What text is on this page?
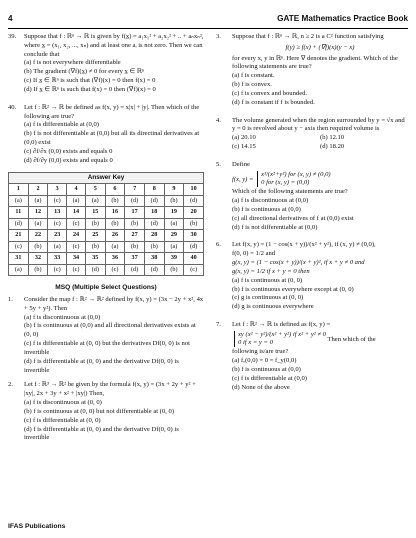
4	GATE Mathematics Practice Book
39. Suppose that f : ℝⁿ → ℝ is given by f(x̲) = a₁x₁² + a₂x₂² + .. + aₙxₙ², where x̲ = (x₁, x₂, ..., xₙ) and at least one aᵢ is not zero. Then we can conclude that
(a) f is not everywhere differentiable
(b) The gradient (∇f)(x̲) ≠ 0 for every x̲ ∈ ℝⁿ
(c) If x̲ ∈ ℝⁿ is such that (∇f)(x) = 0 then f(x) = 0
(d) If x̲ ∈ ℝⁿ is such that f(x) = 0 then (∇f)(x) = 0
40. Let f : ℝ² → ℝ be defined as f(x, y) = x|x| + |y|. Then which of the following are true?
(a) f is differentiable at (0,0)
(b) f is not differentiable at (0,0) but all its directinal derivatives at (0,0) exist
(c) ∂f/∂x (0,0) exists and equals 0
(d) ∂f/∂y (0,0) exists and equals 0
Answer Key
1	2	3	4	5	6	7	8	9	10
(a)	(a)	(c)	(a)	(a)	(b)	(d)	(d)	(b)	(d)
11	12	13	14	15	16	17	18	19	20
(d)	(a)	(c)	(c)	(b)	(b)	(b)	(d)	(a)	(b)
21	22	23	24	25	26	27	28	29	30
(c)	(b)	(a)	(c)	(b)	(a)	(b)	(b)	(a)	(d)
31	32	33	34	35	36	37	38	39	40
(a)	(b)	(c)	(c)	(d)	(c)	(d)	(d)	(b)	(c)
MSQ (Multiple Select Questions)
1. Consider the map f : ℝ² → ℝ² defined by f(x, y) = (3x − 2y + x², 4x + 5y + y²). Then
(a) f is discontinuous at (0,0)
(b) f is continuous at (0,0) and all directional derivatives exists at (0, 0)
(c) f is differentiable at (0, 0) but the derivatives Df(0, 0) is not invertible
(d) f is differentiable at (0, 0) and the derivative Df(0, 0) is invertible
2. Let f : ℝ³ → ℝ² be given by the formula f(x, y) = (3x + 2y + y² + |xy|, 2x + 3y + x² + |xy|) Then,
(a) f is discontinuous at (0, 0)
(b) f is continuous at (0, 0) but not differentiable at (0, 0)
(c) f is differentiable at (0, 0)
(d) f is differentiable at (0, 0) and the derivative Df(0, 0) is invertible
3. Suppose that f : ℝⁿ → ℝ, n ≥ 2 is a C² function satisfying
f(y) ≥ f(x) + (∇f)(x)(y − x)
for every x, y in ℝⁿ. Here ∇ denotes the gradient. Which of the following statements are true?
(a) f is constant.
(b) f is convex.
(c) f is convex and bounded.
(d) f is constant if f is bounded.
4. The volume generated when the region surrounded by y = √x and y = 0 is revolved about y − axis then required volume is
(a) 20.10	(b) 12.10
(c) 14.15	(d) 18.20
5. Define
f(x, y) =
x³/(x²+y²) for (x, y) ≠ (0,0)
0 for (x, y) = (0,0)
Which of the following statements are true?
(a) f is discontinuous at (0,0)
(b) f is continuous at (0,0)
(c) all directional derivatives of f at (0,0) exist
(d) f is not differentiable at (0,0)
6. Let f(x, y) = (1 − cos(x + y))/(x² + y²), if (x, y) ≠ (0,0),
f(0, 0) = 1/2 and
g(x, y) = (1 − cos(x + y))/(x + y)², if x + y ≠ 0 and
g(x, y) = 1/2 if x + y = 0 then
(a) f is continuous at (0, 0)
(b) f is continuous everywhere except at (0, 0)
(c) g is continuous at (0, 0)
(d) g is continuous everywhere
7. Let f : ℝ² → ℝ is defined as f(x, y) =
xy (x² − y²)/(x² + y²) if x² + y² ≠ 0
0 if x = y = 0	Then which of the
following is/are true?
(a) fₓ(0,0) = 0 = f_y(0,0)
(b) f is continuous at (0,0)
(c) f is differentiable at (0,0)
(d) None of the above
IFAS Publications
